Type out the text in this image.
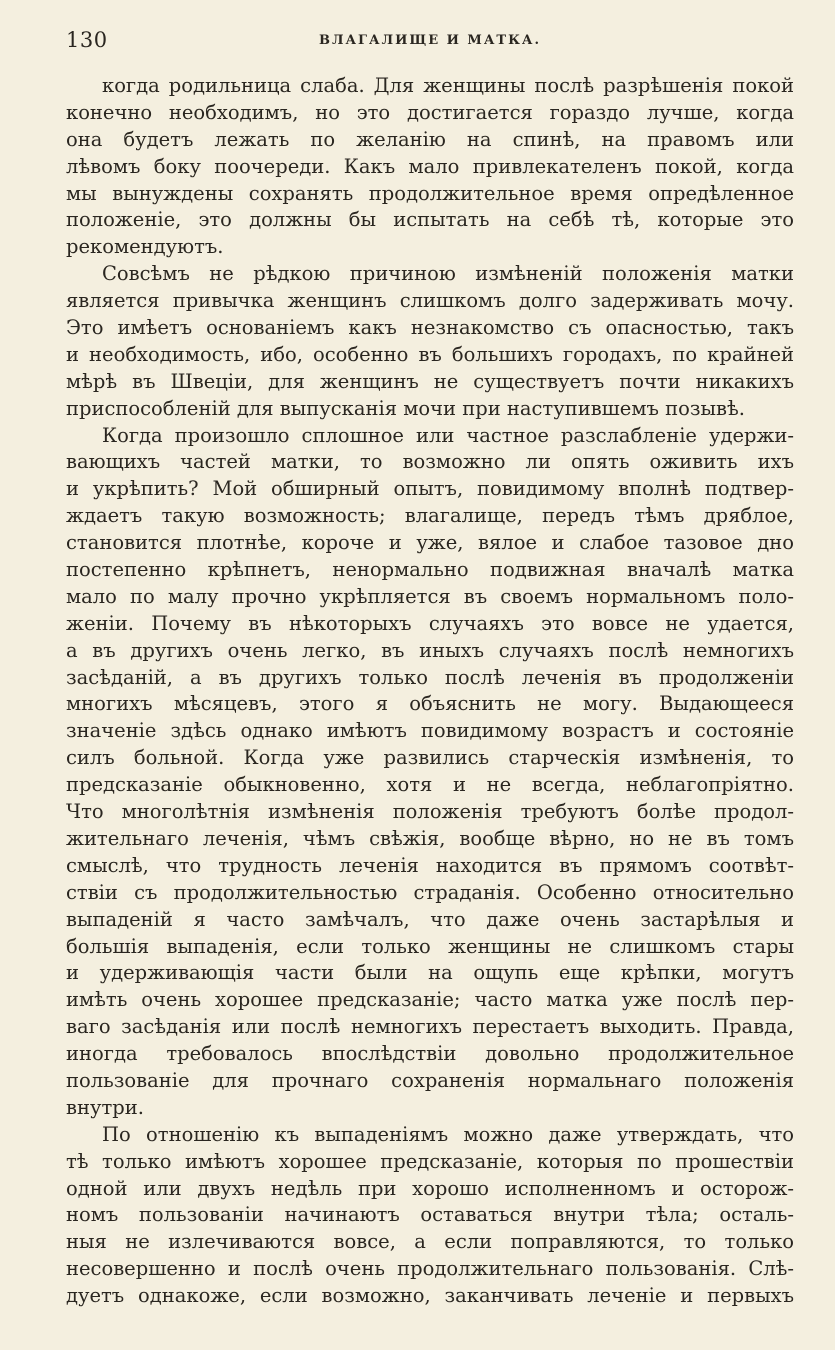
130	ВЛАГАЛИЩЕ И МАТКА.

когда родильница слаба. Для женщины послѣ разрѣшенія покой
конечно необходимъ, но это достигается гораздо лучше, когда
она будетъ лежать по желанію на спинѣ, на правомъ или
лѣвомъ боку поочереди. Какъ мало привлекателенъ покой, когда
мы вынуждены сохранять продолжительное время опредѣленное
положеніе, это должны бы испытать на себѣ тѣ, которые это
рекомендуютъ.

Совсѣмъ не рѣдкою причиною измѣненій положенія матки
является привычка женщинъ слишкомъ долго задерживать мочу.
Это имѣетъ основаніемъ какъ незнакомство съ опасностью, такъ
и необходимость, ибо, особенно въ большихъ городахъ, по крайней
мѣрѣ въ Швеціи, для женщинъ не существуетъ почти никакихъ
приспособленій для выпусканія мочи при наступившемъ позывѣ.

Когда произошло сплошное или частное разслабленіе удержи-
вающихъ частей матки, то возможно ли опять оживить ихъ
и укрѣпить? Мой обширный опытъ, повидимому вполнѣ подтвер-
ждаетъ такую возможность; влагалище, передъ тѣмъ дряблое,
становится плотнѣе, короче и уже, вялое и слабое тазовое дно
постепенно крѣпнетъ, ненормально подвижная вначалѣ матка
мало по малу прочно укрѣпляется въ своемъ нормальномъ поло-
женіи. Почему въ нѣкоторыхъ случаяхъ это вовсе не удается,
а въ другихъ очень легко, въ иныхъ случаяхъ послѣ немногихъ
засѣданій, а въ другихъ только послѣ леченія въ продолженіи
многихъ мѣсяцевъ, этого я объяснить не могу. Выдающееся
значеніе здѣсь однако имѣютъ повидимому возрастъ и состояніе
силъ больной. Когда уже развились старческія измѣненія, то
предсказаніе обыкновенно, хотя и не всегда, неблагопріятно.
Что многолѣтнія измѣненія положенія требуютъ болѣе продол-
жительнаго леченія, чѣмъ свѣжія, вообще вѣрно, но не въ томъ
смыслѣ, что трудность леченія находится въ прямомъ соотвѣт-
ствіи съ продолжительностью страданія. Особенно относительно
выпаденій я часто замѣчалъ, что даже очень застарѣлыя и
большія выпаденія, если только женщины не слишкомъ стары
и удерживающія части были на ощупь еще крѣпки, могутъ
имѣть очень хорошее предсказаніе; часто матка уже послѣ пер-
ваго засѣданія или послѣ немногихъ перестаетъ выходить. Правда,
иногда требовалось впослѣдствіи довольно продолжительное
пользованіе для прочнаго сохраненія нормальнаго положенія
внутри.

По отношенію къ выпаденіямъ можно даже утверждать, что
тѣ только имѣютъ хорошее предсказаніе, которыя по прошествіи
одной или двухъ недѣль при хорошо исполненномъ и осторож-
номъ пользованіи начинаютъ оставаться внутри тѣла; осталь-
ныя не излечиваются вовсе, а если поправляются, то только
несовершенно и послѣ очень продолжительнаго пользованія. Слѣ-
дуетъ однакоже, если возможно, заканчивать леченіе и первыхъ
